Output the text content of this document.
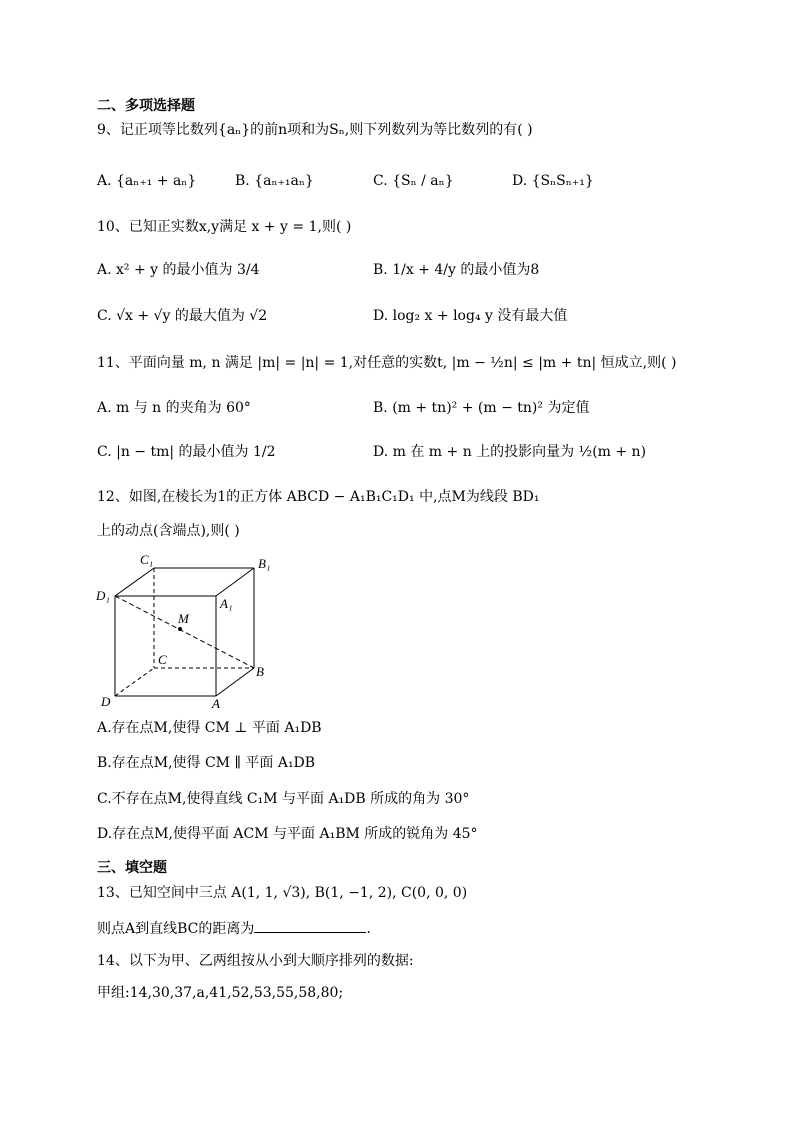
二、多项选择题
9、记正项等比数列{aₙ}的前n项和为Sₙ,则下列数列为等比数列的有( )
A. {aₙ₊₁ + aₙ}	B. {aₙ₊₁aₙ}	C. {Sₙ / aₙ}	D. {SₙSₙ₊₁}
10、已知正实数x,y满足 x + y = 1,则( )
A. x² + y 的最小值为 3/4	B. 1/x + 4/y 的最小值为8
C. √x + √y 的最大值为 √2	D. log₂ x + log₄ y 没有最大值
11、平面向量 m, n 满足 |m| = |n| = 1,对任意的实数t, |m − ½n| ≤ |m + tn| 恒成立,则( )
A. m 与 n 的夹角为 60°	B. (m + tn)² + (m − tn)² 为定值
C. |n − tm| 的最小值为 1/2	D. m 在 m + n 上的投影向量为 ½(m + n)
12、如图,在棱长为1的正方体 ABCD − A₁B₁C₁D₁ 中,点M为线段 BD₁
上的动点(含端点),则( )
C₁	B₁
D₁
A₁
M
C
B
D	A
A.存在点M,使得 CM ⊥ 平面 A₁DB
B.存在点M,使得 CM ∥ 平面 A₁DB
C.不存在点M,使得直线 C₁M 与平面 A₁DB 所成的角为 30°
D.存在点M,使得平面 ACM 与平面 A₁BM 所成的锐角为 45°
三、填空题
13、已知空间中三点 A(1, 1, √3), B(1, −1, 2), C(0, 0, 0)
则点A到直线BC的距离为	.
14、以下为甲、乙两组按从小到大顺序排列的数据:
甲组:14,30,37,a,41,52,53,55,58,80;
